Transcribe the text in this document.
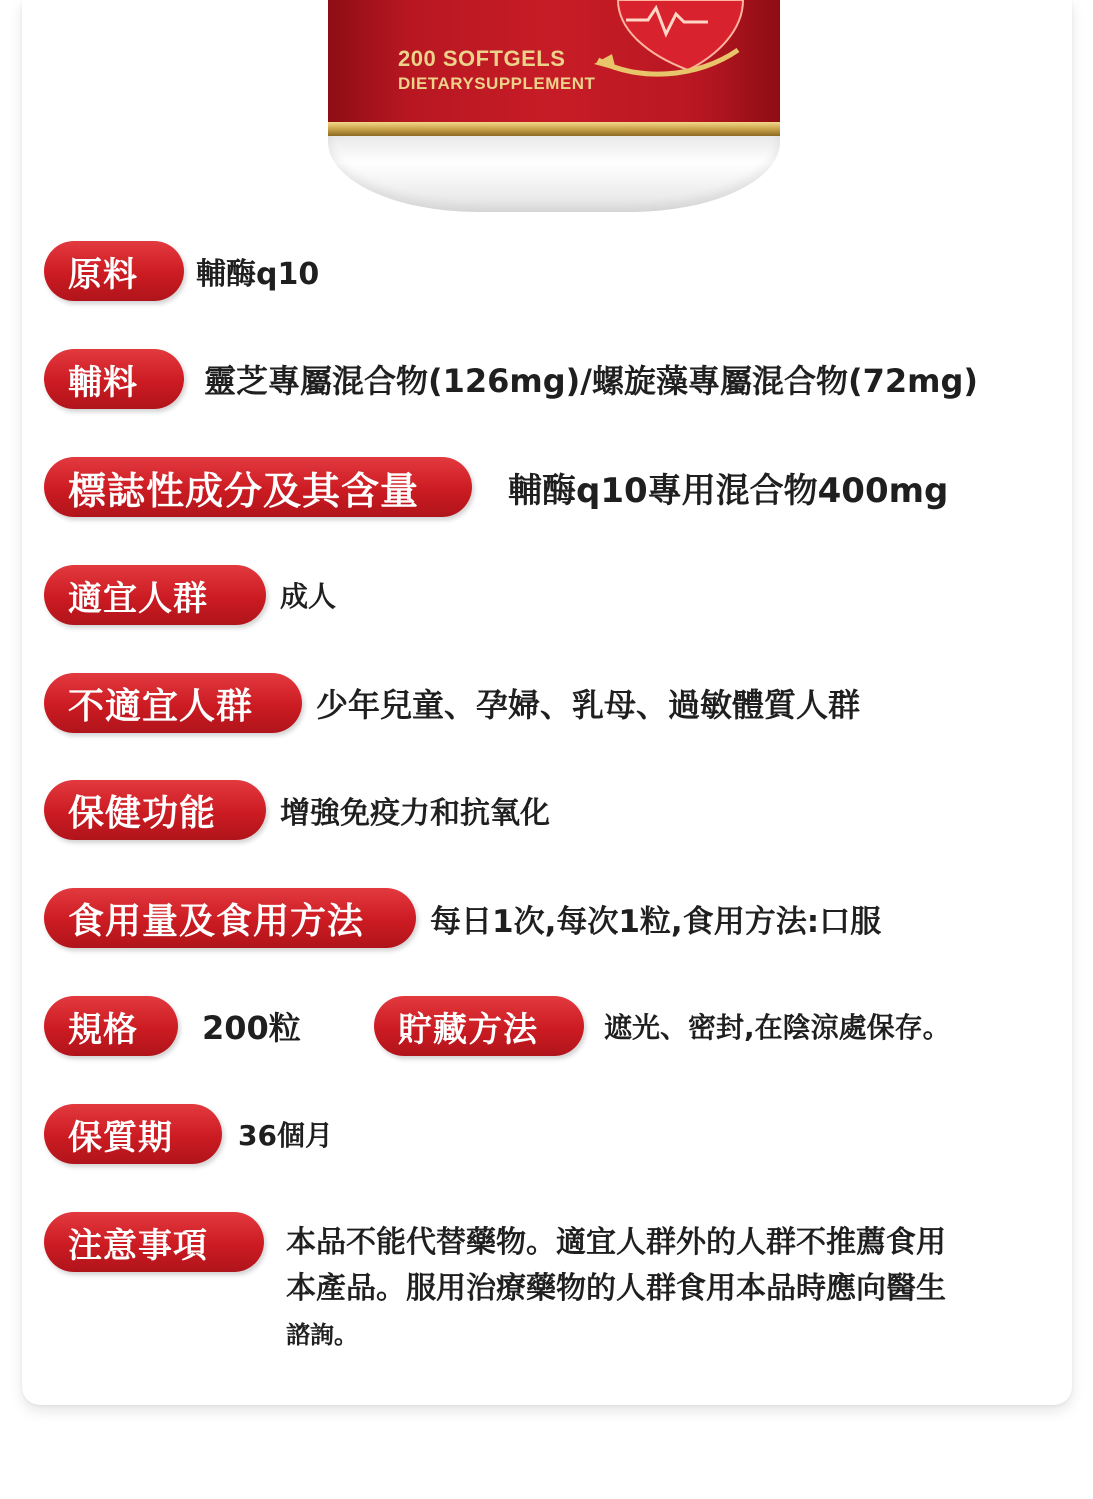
200 SOFTGELS
DIETARYSUPPLEMENT
原料	輔酶q10
輔料	靈芝專屬混合物(126mg)/螺旋藻專屬混合物(72mg)
標誌性成分及其含量	輔酶q10專用混合物400mg
適宜人群	成人
不適宜人群	少年兒童、孕婦、乳母、過敏體質人群
保健功能	增強免疫力和抗氧化
食用量及食用方法	每日1次,每次1粒,食用方法:口服
規格	200粒	貯藏方法	遮光、密封,在陰涼處保存。
保質期	36個月
注意事項	本品不能代替藥物。適宜人群外的人群不推薦食用
本產品。服用治療藥物的人群食用本品時應向醫生
諮詢。
